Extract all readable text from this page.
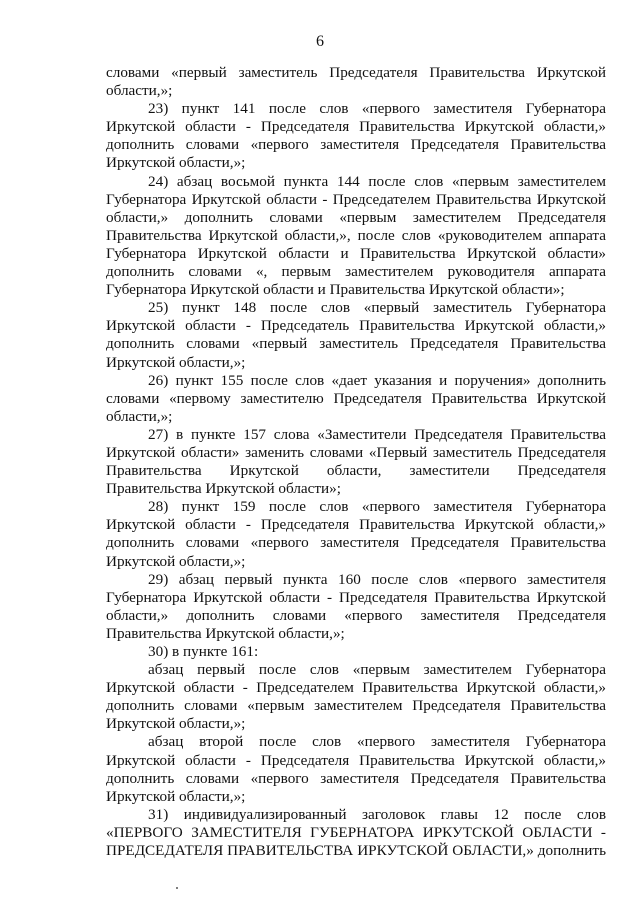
6

словами «первый заместитель Председателя Правительства Иркутской области,»;

23) пункт 141 после слов «первого заместителя Губернатора Иркутской области - Председателя Правительства Иркутской области,» дополнить словами «первого заместителя Председателя Правительства Иркутской области,»;

24) абзац восьмой пункта 144 после слов «первым заместителем Губернатора Иркутской области - Председателем Правительства Иркутской области,» дополнить словами «первым заместителем Председателя Правительства Иркутской области,», после слов «руководителем аппарата Губернатора Иркутской области и Правительства Иркутской области» дополнить словами «, первым заместителем руководителя аппарата Губернатора Иркутской области и Правительства Иркутской области»;

25) пункт 148 после слов «первый заместитель Губернатора Иркутской области - Председатель Правительства Иркутской области,» дополнить словами «первый заместитель Председателя Правительства Иркутской области,»;

26) пункт 155 после слов «дает указания и поручения» дополнить словами «первому заместителю Председателя Правительства Иркутской области,»;

27) в пункте 157 слова «Заместители Председателя Правительства Иркутской области» заменить словами «Первый заместитель Председателя Правительства Иркутской области, заместители Председателя Правительства Иркутской области»;

28) пункт 159 после слов «первого заместителя Губернатора Иркутской области - Председателя Правительства Иркутской области,» дополнить словами «первого заместителя Председателя Правительства Иркутской области,»;

29) абзац первый пункта 160 после слов «первого заместителя Губернатора Иркутской области - Председателя Правительства Иркутской области,» дополнить словами «первого заместителя Председателя Правительства Иркутской области,»;

30) в пункте 161:

абзац первый после слов «первым заместителем Губернатора Иркутской области - Председателем Правительства Иркутской области,» дополнить словами «первым заместителем Председателя Правительства Иркутской области,»;

абзац второй после слов «первого заместителя Губернатора Иркутской области - Председателя Правительства Иркутской области,» дополнить словами «первого заместителя Председателя Правительства Иркутской области,»;

31) индивидуализированный заголовок главы 12 после слов «ПЕРВОГО ЗАМЕСТИТЕЛЯ ГУБЕРНАТОРА ИРКУТСКОЙ ОБЛАСТИ - ПРЕДСЕДАТЕЛЯ ПРАВИТЕЛЬСТВА ИРКУТСКОЙ ОБЛАСТИ,» дополнить
